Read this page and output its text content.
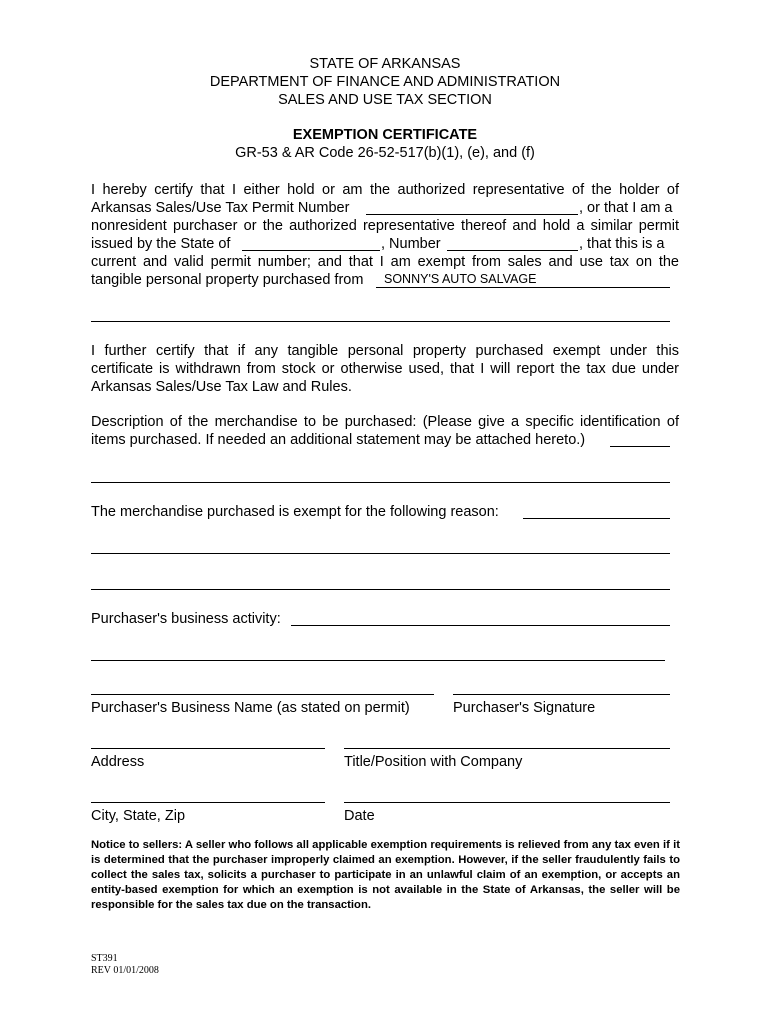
STATE OF ARKANSAS
DEPARTMENT OF FINANCE AND ADMINISTRATION
SALES AND USE TAX SECTION
EXEMPTION CERTIFICATE
GR-53 & AR Code 26-52-517(b)(1), (e), and (f)
I hereby certify that I either hold or am the authorized representative of the holder of
Arkansas Sales/Use Tax Permit Number	, or that I am a
nonresident purchaser or the authorized representative thereof and hold a similar permit
issued by the State of	, Number	, that this is a
current and valid permit number; and that I am exempt from sales and use tax on the
tangible personal property purchased from SONNY'S AUTO SALVAGE
I further certify that if any tangible personal property purchased exempt under this certificate is withdrawn from stock or otherwise used, that I will report the tax due under Arkansas Sales/Use Tax Law and Rules.
Description of the merchandise to be purchased: (Please give a specific identification of
items purchased. If needed an additional statement may be attached hereto.)
The merchandise purchased is exempt for the following reason:
Purchaser's business activity:
Purchaser's Business Name (as stated on permit)	Purchaser's Signature
Address	Title/Position with Company
City, State, Zip	Date
Notice to sellers: A seller who follows all applicable exemption requirements is relieved from any tax even if it is determined that the purchaser improperly claimed an exemption. However, if the seller fraudulently fails to collect the sales tax, solicits a purchaser to participate in an unlawful claim of an exemption, or accepts an entity-based exemption for which an exemption is not available in the State of Arkansas, the seller will be responsible for the sales tax due on the transaction.
ST391
REV 01/01/2008
